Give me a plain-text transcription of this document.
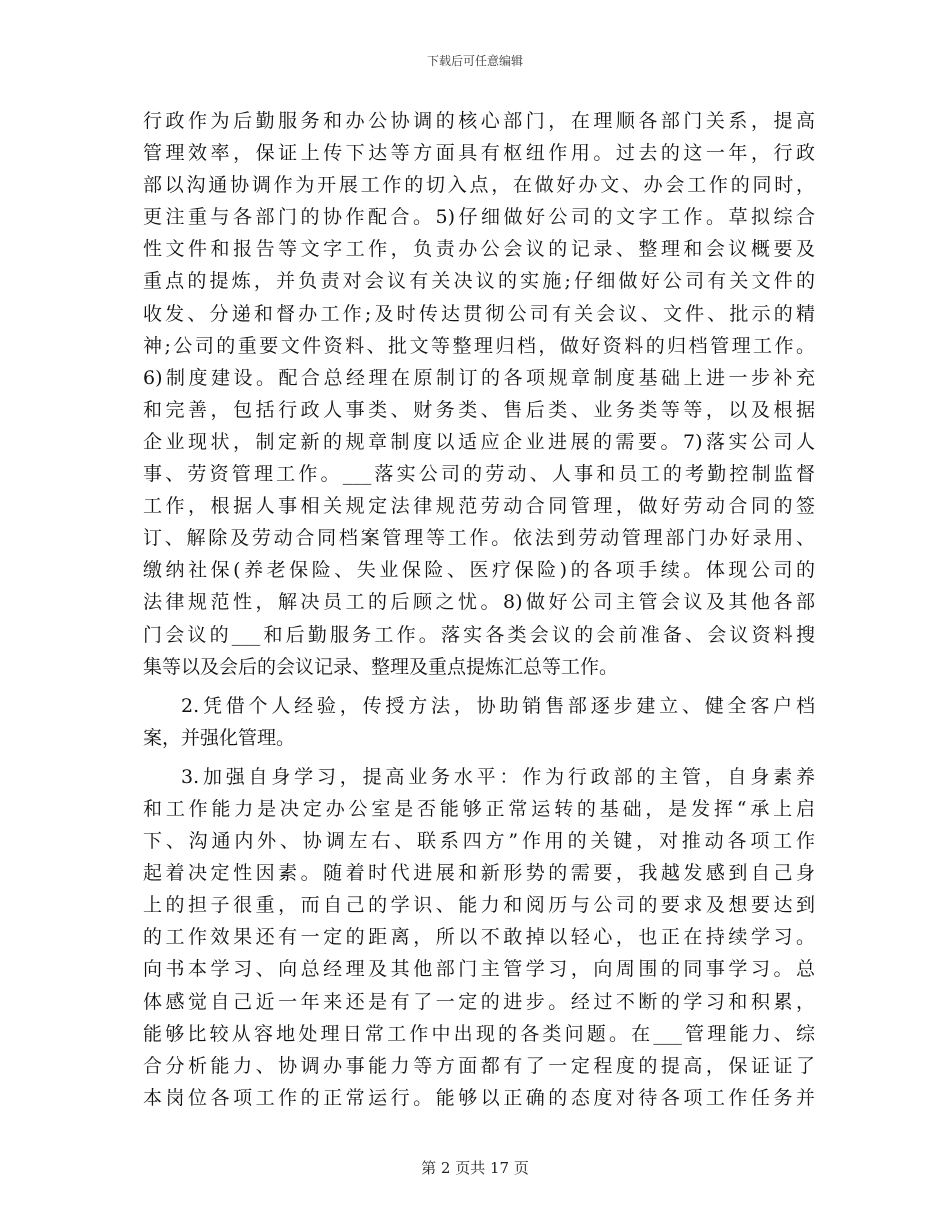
下载后可任意编辑
行政作为后勤服务和办公协调的核心部门，在理顺各部门关系，提高
管理效率，保证上传下达等方面具有枢纽作用。过去的这一年，行政
部以沟通协调作为开展工作的切入点，在做好办文、办会工作的同时，
更注重与各部门的协作配合。5)仔细做好公司的文字工作。草拟综合
性文件和报告等文字工作，负责办公会议的记录、整理和会议概要及
重点的提炼，并负责对会议有关决议的实施;仔细做好公司有关文件的
收发、分递和督办工作;及时传达贯彻公司有关会议、文件、批示的精
神;公司的重要文件资料、批文等整理归档，做好资料的归档管理工作。
6)制度建设。配合总经理在原制订的各项规章制度基础上进一步补充
和完善，包括行政人事类、财务类、售后类、业务类等等，以及根据
企业现状，制定新的规章制度以适应企业进展的需要。7)落实公司人
事、劳资管理工作。___落实公司的劳动、人事和员工的考勤控制监督
工作，根据人事相关规定法律规范劳动合同管理，做好劳动合同的签
订、解除及劳动合同档案管理等工作。依法到劳动管理部门办好录用、
缴纳社保(养老保险、失业保险、医疗保险)的各项手续。体现公司的
法律规范性，解决员工的后顾之忧。8)做好公司主管会议及其他各部
门会议的___和后勤服务工作。落实各类会议的会前准备、会议资料搜
集等以及会后的会议记录、整理及重点提炼汇总等工作。
2.凭借个人经验，传授方法，协助销售部逐步建立、健全客户档
案，并强化管理。
3.加强自身学习，提高业务水平：作为行政部的主管，自身素养
和工作能力是决定办公室是否能够正常运转的基础，是发挥“承上启
下、沟通内外、协调左右、联系四方”作用的关键，对推动各项工作
起着决定性因素。随着时代进展和新形势的需要，我越发感到自己身
上的担子很重，而自己的学识、能力和阅历与公司的要求及想要达到
的工作效果还有一定的距离，所以不敢掉以轻心，也正在持续学习。
向书本学习、向总经理及其他部门主管学习，向周围的同事学习。总
体感觉自己近一年来还是有了一定的进步。经过不断的学习和积累，
能够比较从容地处理日常工作中出现的各类问题。在___管理能力、综
合分析能力、协调办事能力等方面都有了一定程度的提高，保证证了
本岗位各项工作的正常运行。能够以正确的态度对待各项工作任务并
第 2 页共 17 页
